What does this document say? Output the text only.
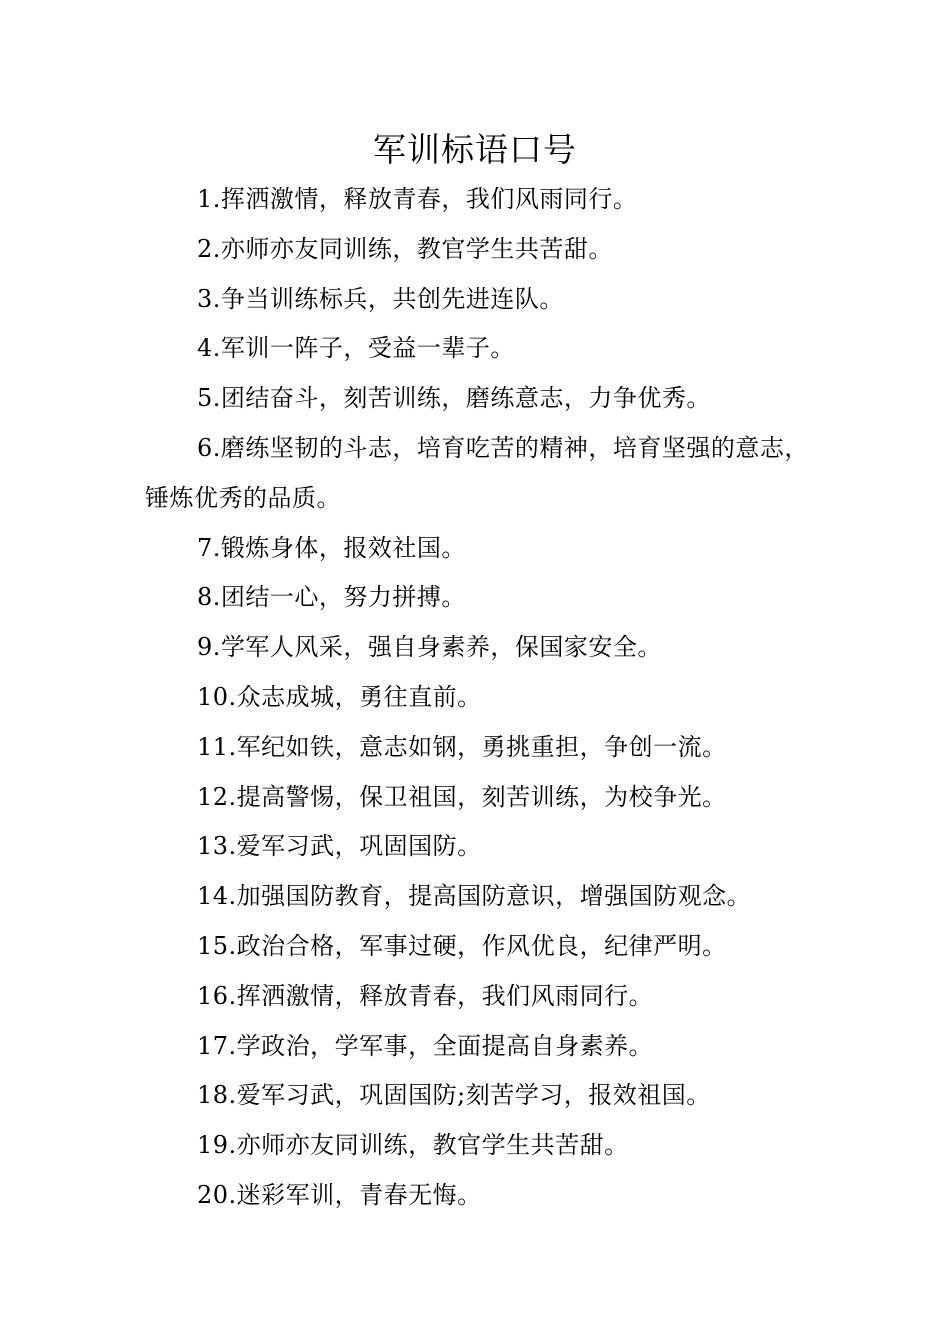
军训标语口号

1.挥洒激情，释放青春，我们风雨同行。

2.亦师亦友同训练，教官学生共苦甜。

3.争当训练标兵，共创先进连队。

4.军训一阵子，受益一辈子。

5.团结奋斗，刻苦训练，磨练意志，力争优秀。

6.磨练坚韧的斗志，培育吃苦的精神，培育坚强的意志，锤炼优秀的品质。

7.锻炼身体，报效社国。

8.团结一心，努力拼搏。

9.学军人风采，强自身素养，保国家安全。

10.众志成城，勇往直前。

11.军纪如铁，意志如钢，勇挑重担，争创一流。

12.提高警惕，保卫祖国，刻苦训练，为校争光。

13.爱军习武，巩固国防。

14.加强国防教育，提高国防意识，增强国防观念。

15.政治合格，军事过硬，作风优良，纪律严明。

16.挥洒激情，释放青春，我们风雨同行。

17.学政治，学军事，全面提高自身素养。

18.爱军习武，巩固国防;刻苦学习，报效祖国。

19.亦师亦友同训练，教官学生共苦甜。

20.迷彩军训，青春无悔。
